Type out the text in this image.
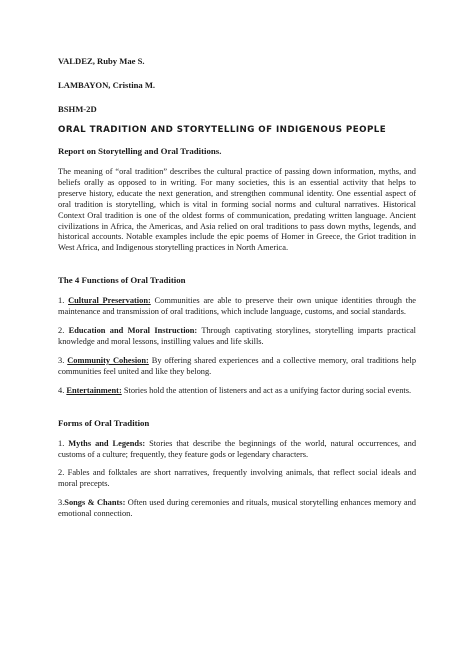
VALDEZ, Ruby Mae S.
LAMBAYON, Cristina M.
BSHM-2D
ORAL TRADITION AND STORYTELLING OF INDIGENOUS PEOPLE
Report on Storytelling and Oral Traditions.

The meaning of “oral tradition” describes the cultural practice of passing down information, myths, and beliefs orally as opposed to in writing. For many societies, this is an essential activity that helps to preserve history, educate the next generation, and strengthen communal identity. One essential aspect of oral tradition is storytelling, which is vital in forming social norms and cultural narratives. Historical Context Oral tradition is one of the oldest forms of communication, predating written language. Ancient civilizations in Africa, the Americas, and Asia relied on oral traditions to pass down myths, legends, and historical accounts. Notable examples include the epic poems of Homer in Greece, the Griot tradition in West Africa, and Indigenous storytelling practices in North America.

The 4 Functions of Oral Tradition

1. Cultural Preservation: Communities are able to preserve their own unique identities through the maintenance and transmission of oral traditions, which include language, customs, and social standards.

2. Education and Moral Instruction: Through captivating storylines, storytelling imparts practical knowledge and moral lessons, instilling values and life skills.

3. Community Cohesion: By offering shared experiences and a collective memory, oral traditions help communities feel united and like they belong.

4. Entertainment: Stories hold the attention of listeners and act as a unifying factor during social events.

Forms of Oral Tradition

1. Myths and Legends: Stories that describe the beginnings of the world, natural occurrences, and customs of a culture; frequently, they feature gods or legendary characters.

2. Fables and folktales are short narratives, frequently involving animals, that reflect social ideals and moral precepts.

3.Songs & Chants: Often used during ceremonies and rituals, musical storytelling enhances memory and emotional connection.
